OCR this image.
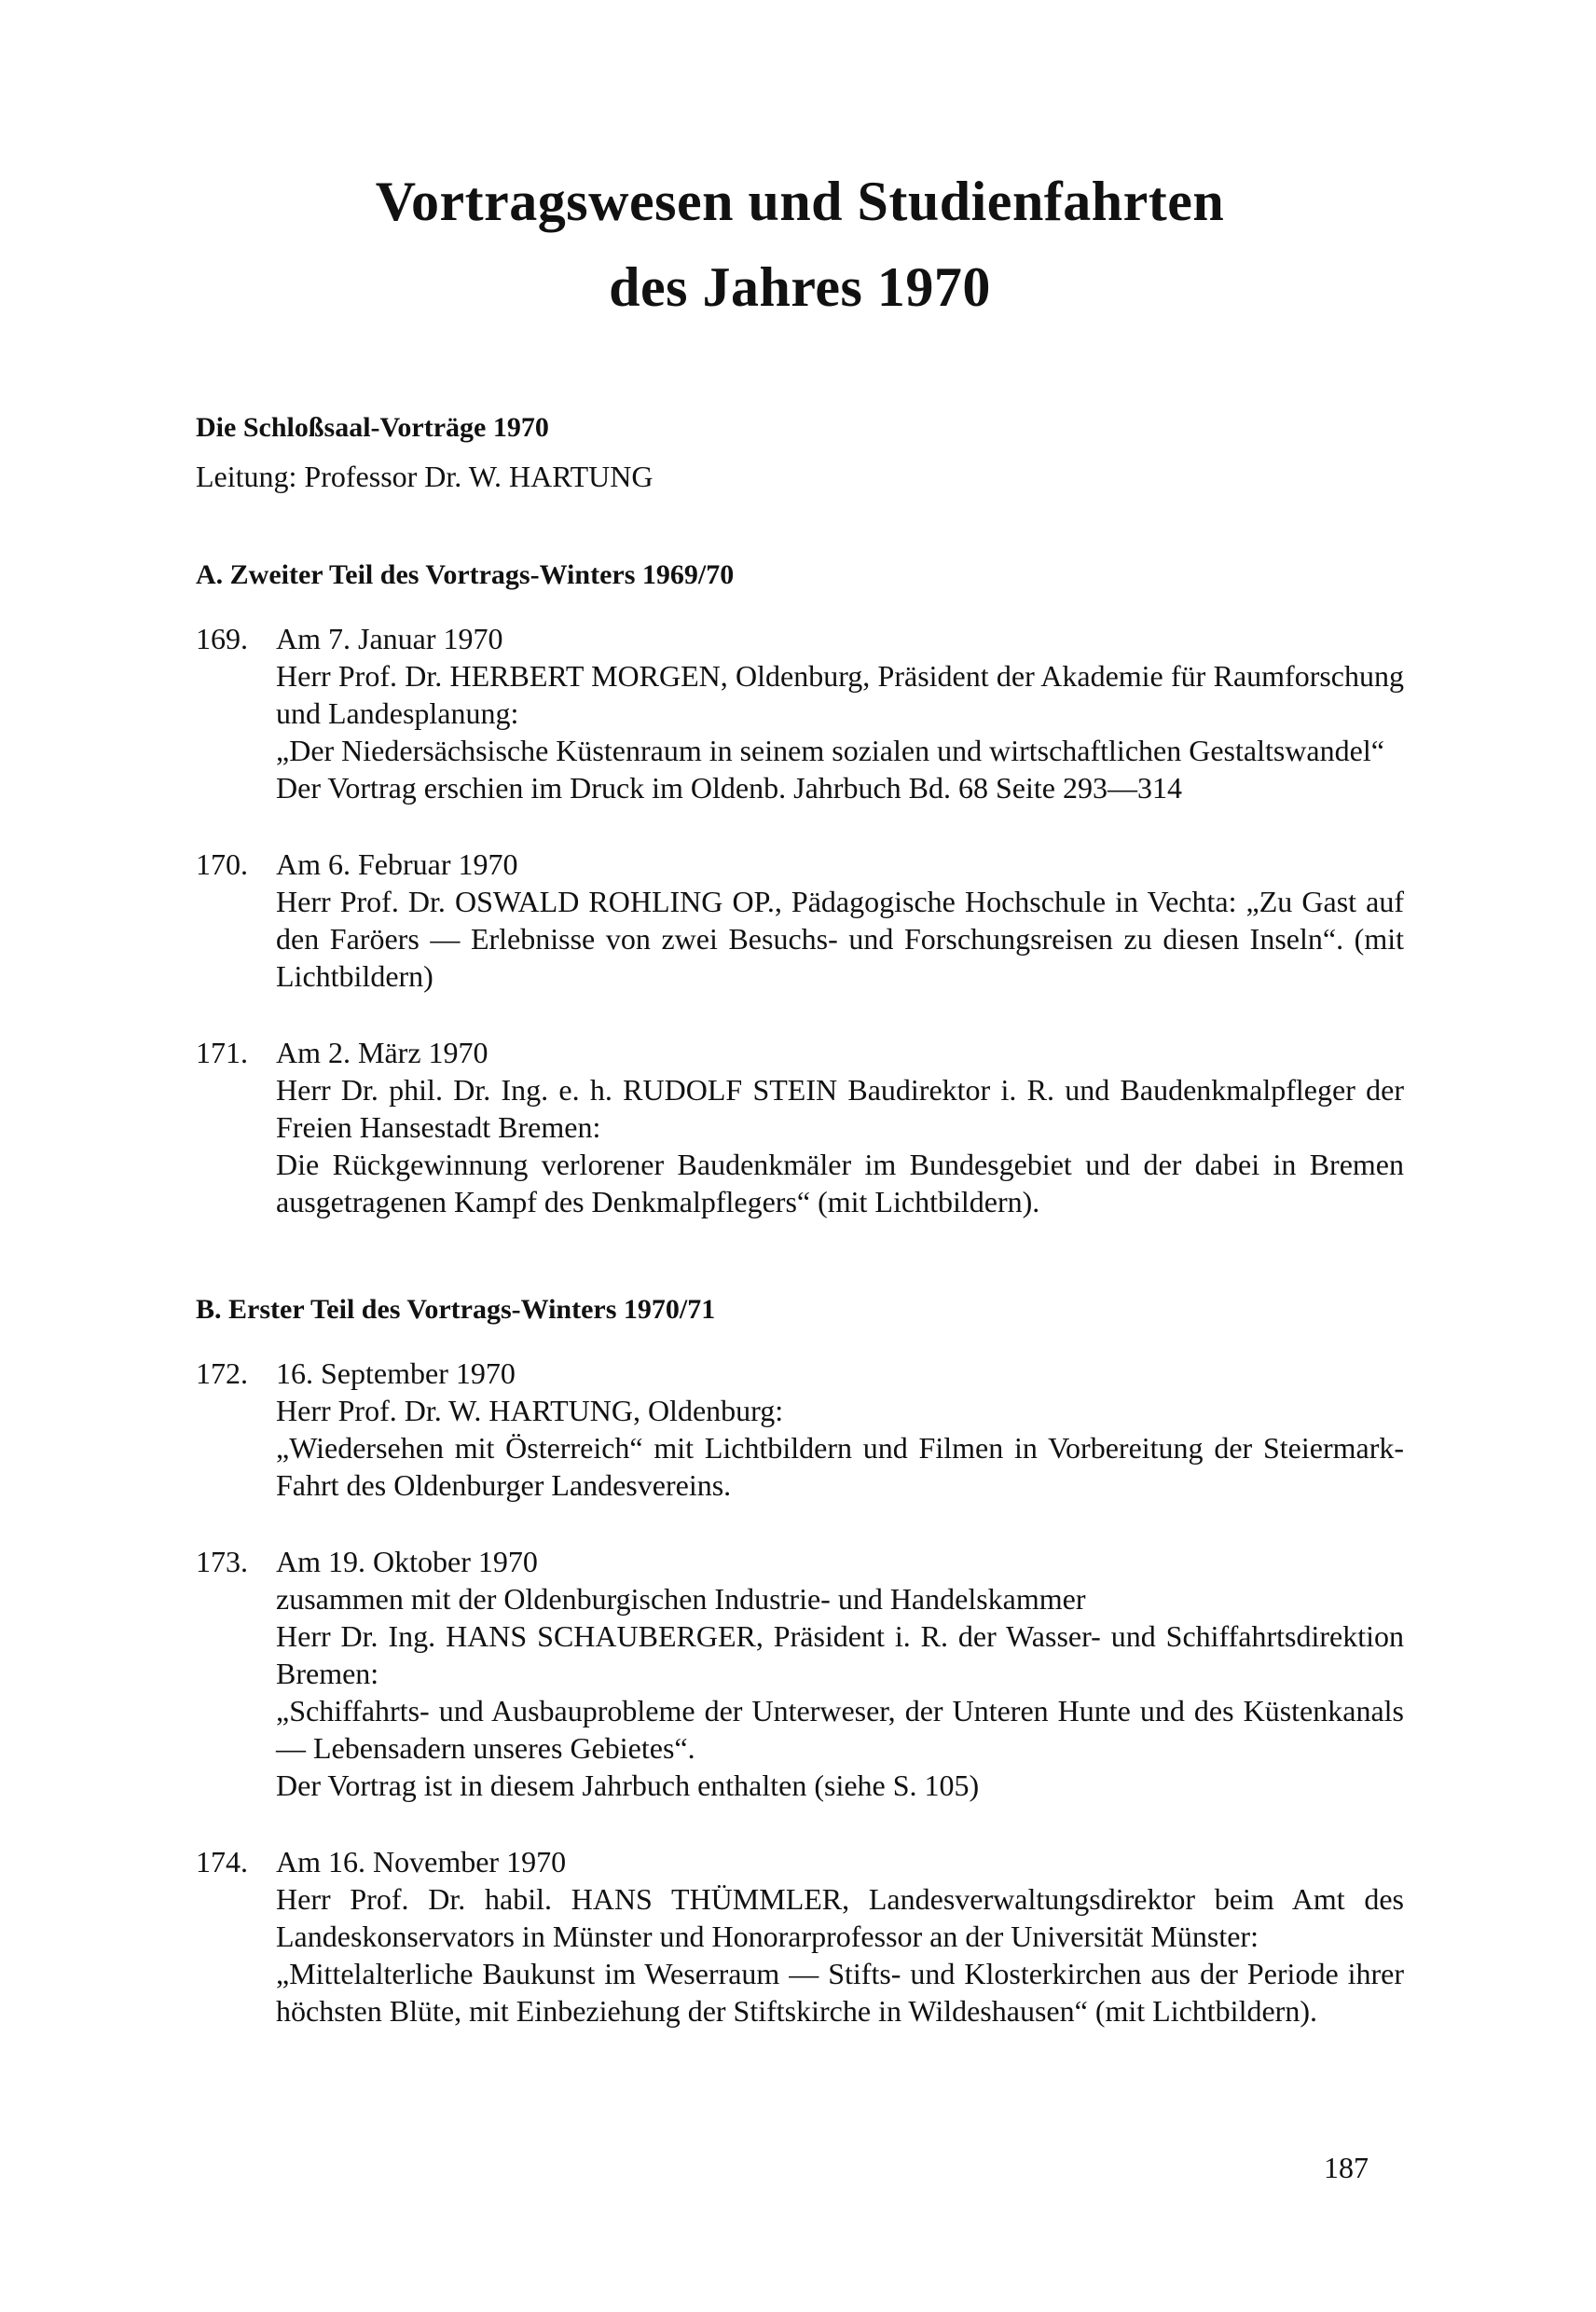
Vortragswesen und Studienfahrten
des Jahres 1970
Die Schloßsaal-Vorträge 1970
Leitung: Professor Dr. W. HARTUNG
A. Zweiter Teil des Vortrags-Winters 1969/70
169. Am 7. Januar 1970
Herr Prof. Dr. HERBERT MORGEN, Oldenburg, Präsident der Akademie für Raumforschung und Landesplanung:
„Der Niedersächsische Küstenraum in seinem sozialen und wirtschaftlichen Gestaltswandel“
Der Vortrag erschien im Druck im Oldenb. Jahrbuch Bd. 68 Seite 293—314
170. Am 6. Februar 1970
Herr Prof. Dr. OSWALD ROHLING OP., Pädagogische Hochschule in Vechta: „Zu Gast auf den Faröers — Erlebnisse von zwei Besuchs- und Forschungsreisen zu diesen Inseln“. (mit Lichtbildern)
171. Am 2. März 1970
Herr Dr. phil. Dr. Ing. e. h. RUDOLF STEIN Baudirektor i. R. und Baudenkmalpfleger der Freien Hansestadt Bremen:
Die Rückgewinnung verlorener Baudenkmäler im Bundesgebiet und der dabei in Bremen ausgetragenen Kampf des Denkmalpflegers“ (mit Lichtbildern).
B. Erster Teil des Vortrags-Winters 1970/71
172. 16. September 1970
Herr Prof. Dr. W. HARTUNG, Oldenburg:
„Wiedersehen mit Österreich“ mit Lichtbildern und Filmen in Vorbereitung der Steiermark-Fahrt des Oldenburger Landesvereins.
173. Am 19. Oktober 1970
zusammen mit der Oldenburgischen Industrie- und Handelskammer
Herr Dr. Ing. HANS SCHAUBERGER, Präsident i. R. der Wasser- und Schiffahrtsdirektion Bremen:
„Schiffahrts- und Ausbauprobleme der Unterweser, der Unteren Hunte und des Küstenkanals — Lebensadern unseres Gebietes“.
Der Vortrag ist in diesem Jahrbuch enthalten (siehe S. 105)
174. Am 16. November 1970
Herr Prof. Dr. habil. HANS THÜMMLER, Landesverwaltungsdirektor beim Amt des Landeskonservators in Münster und Honorarprofessor an der Universität Münster:
„Mittelalterliche Baukunst im Weserraum — Stifts- und Klosterkirchen aus der Periode ihrer höchsten Blüte, mit Einbeziehung der Stiftskirche in Wildeshausen“ (mit Lichtbildern).
187
